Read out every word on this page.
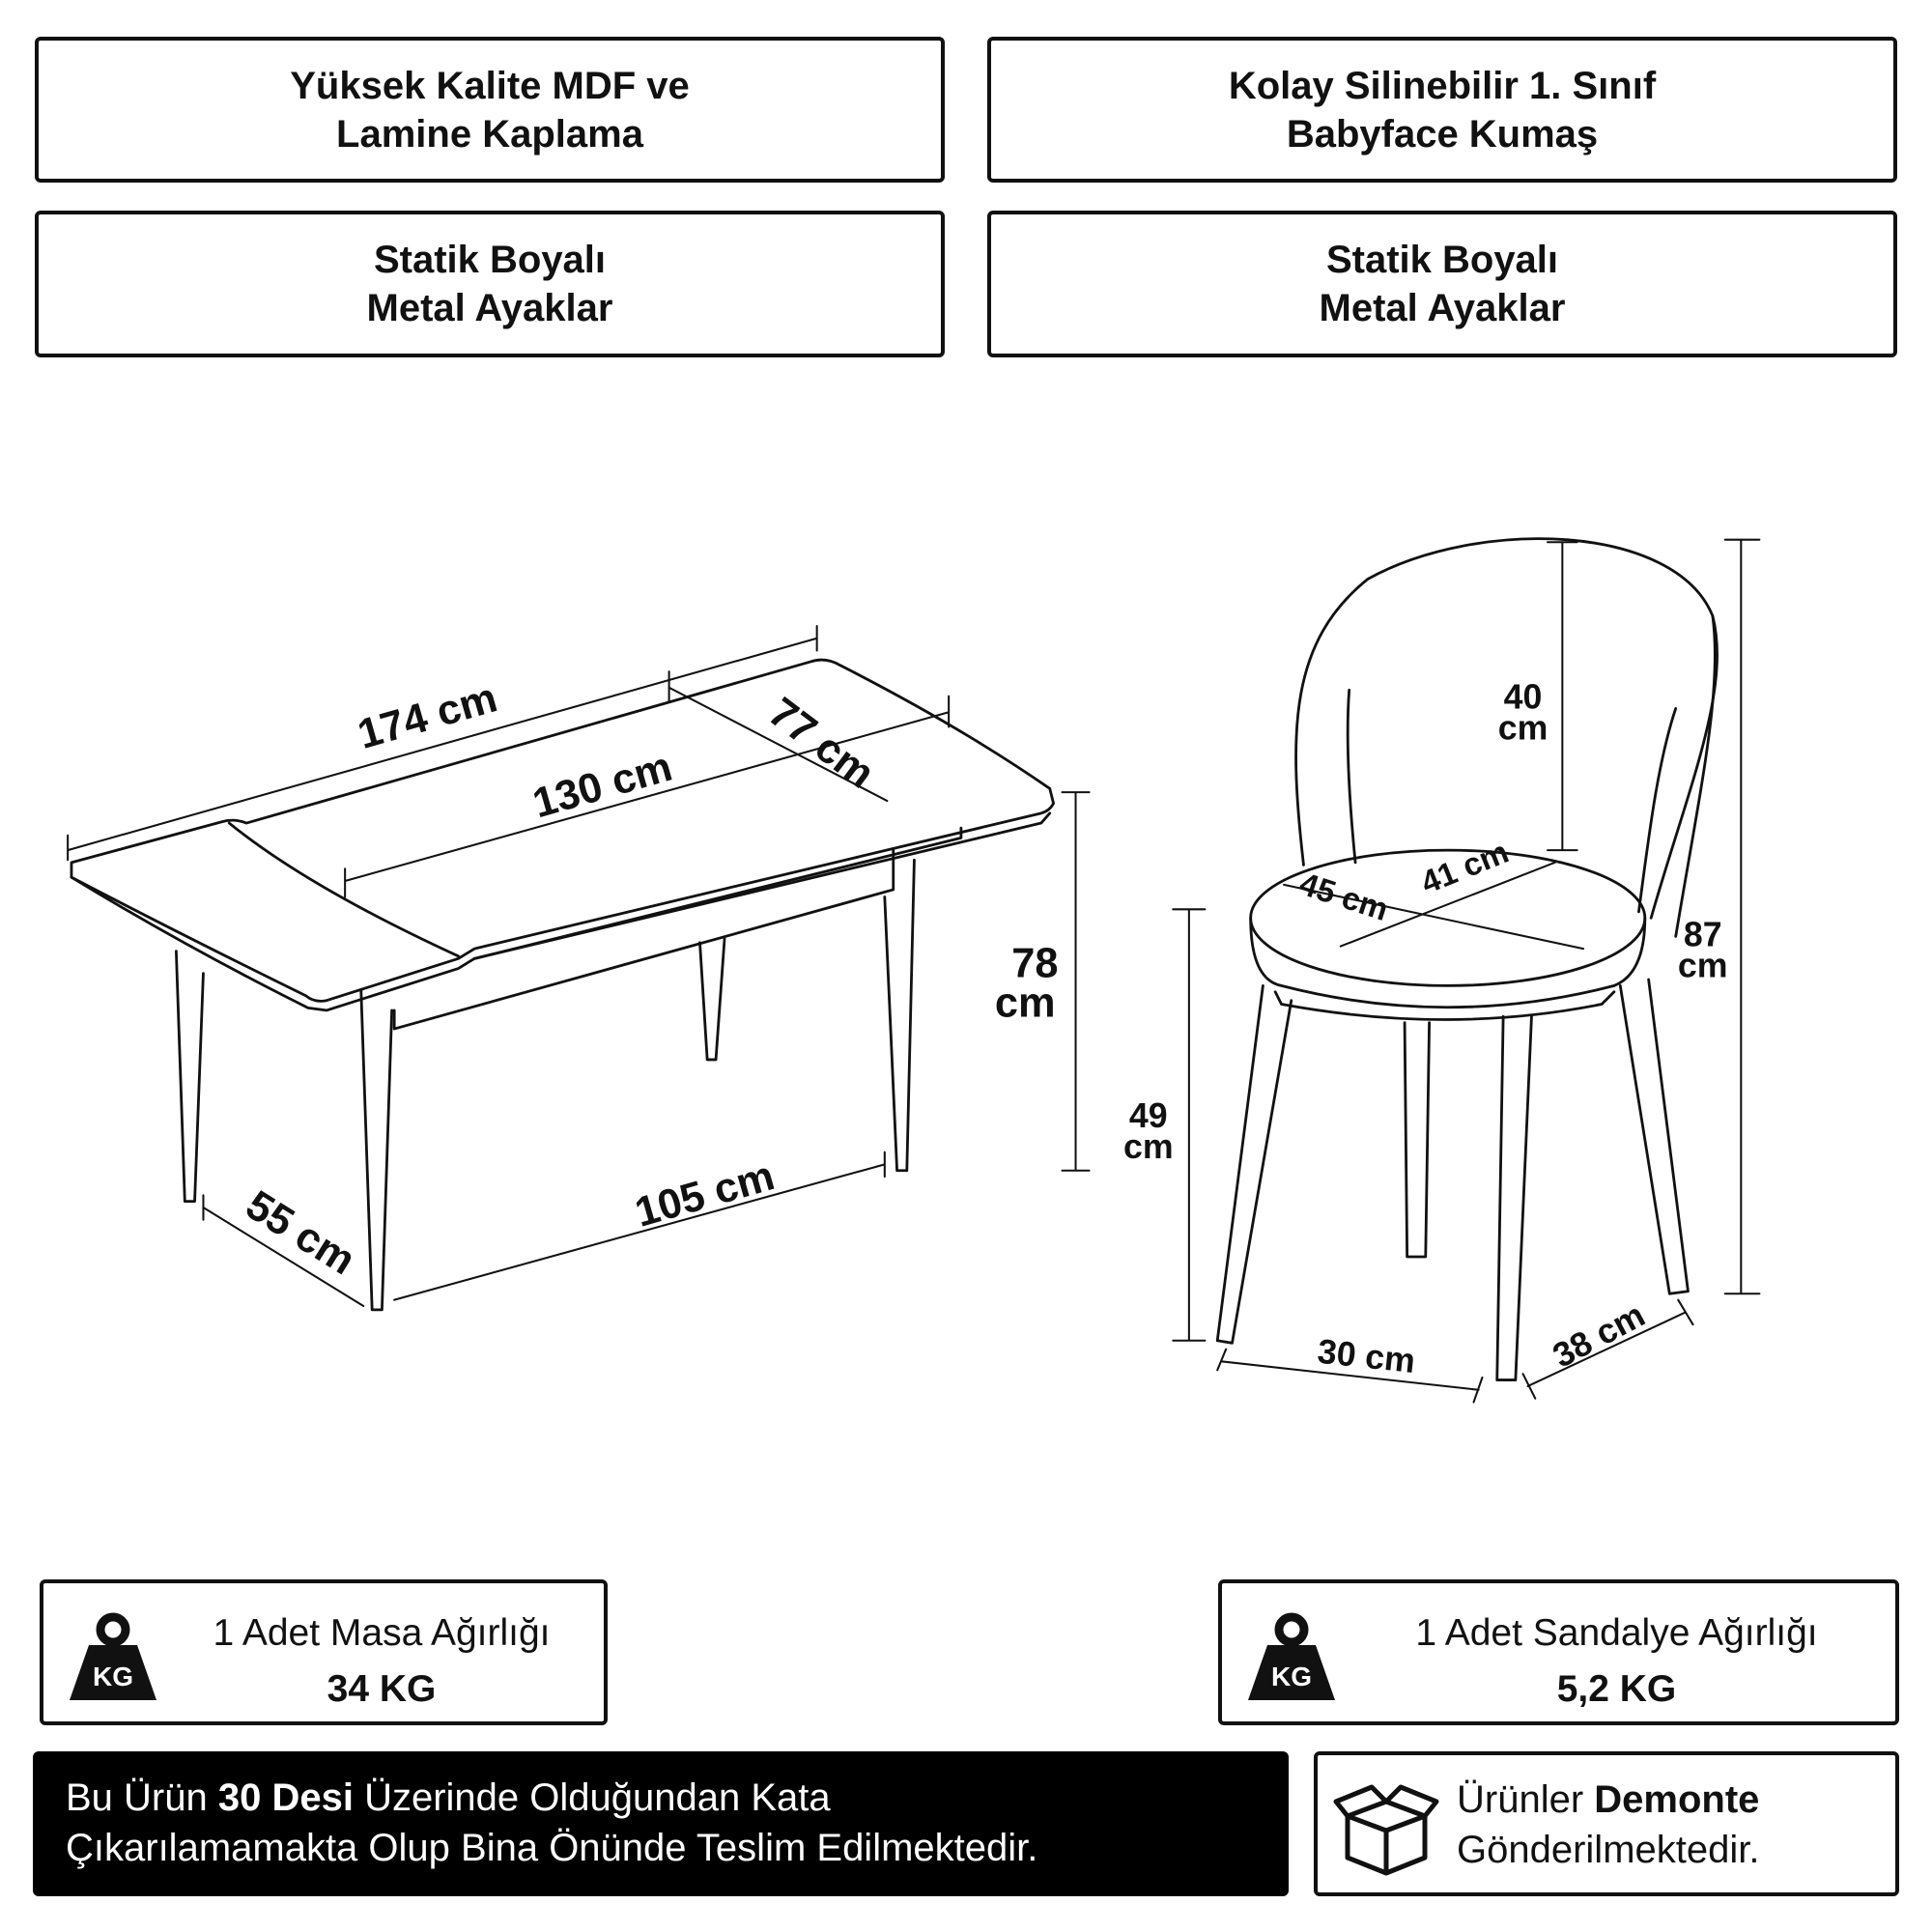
Yüksek Kalite MDF ve
Lamine Kaplama
Kolay Silinebilir 1. Sınıf
Babyface Kumaş
Statik Boyalı
Metal Ayaklar
Statik Boyalı
Metal Ayaklar
174 cm
130 cm	77 cm
78
cm
55 cm	105 cm
40
cm
87
cm
49
cm
45 cm 41 cm
30 cm	38 cm
KG
1 Adet Masa Ağırlığı
34 KG	KG
1 Adet Sandalye Ağırlığı
5,2 KG
Bu Ürün 30 Desi Üzerinde Olduğundan Kata
Çıkarılamamakta Olup Bina Önünde Teslim Edilmektedir.
Ürünler Demonte
Gönderilmektedir.
